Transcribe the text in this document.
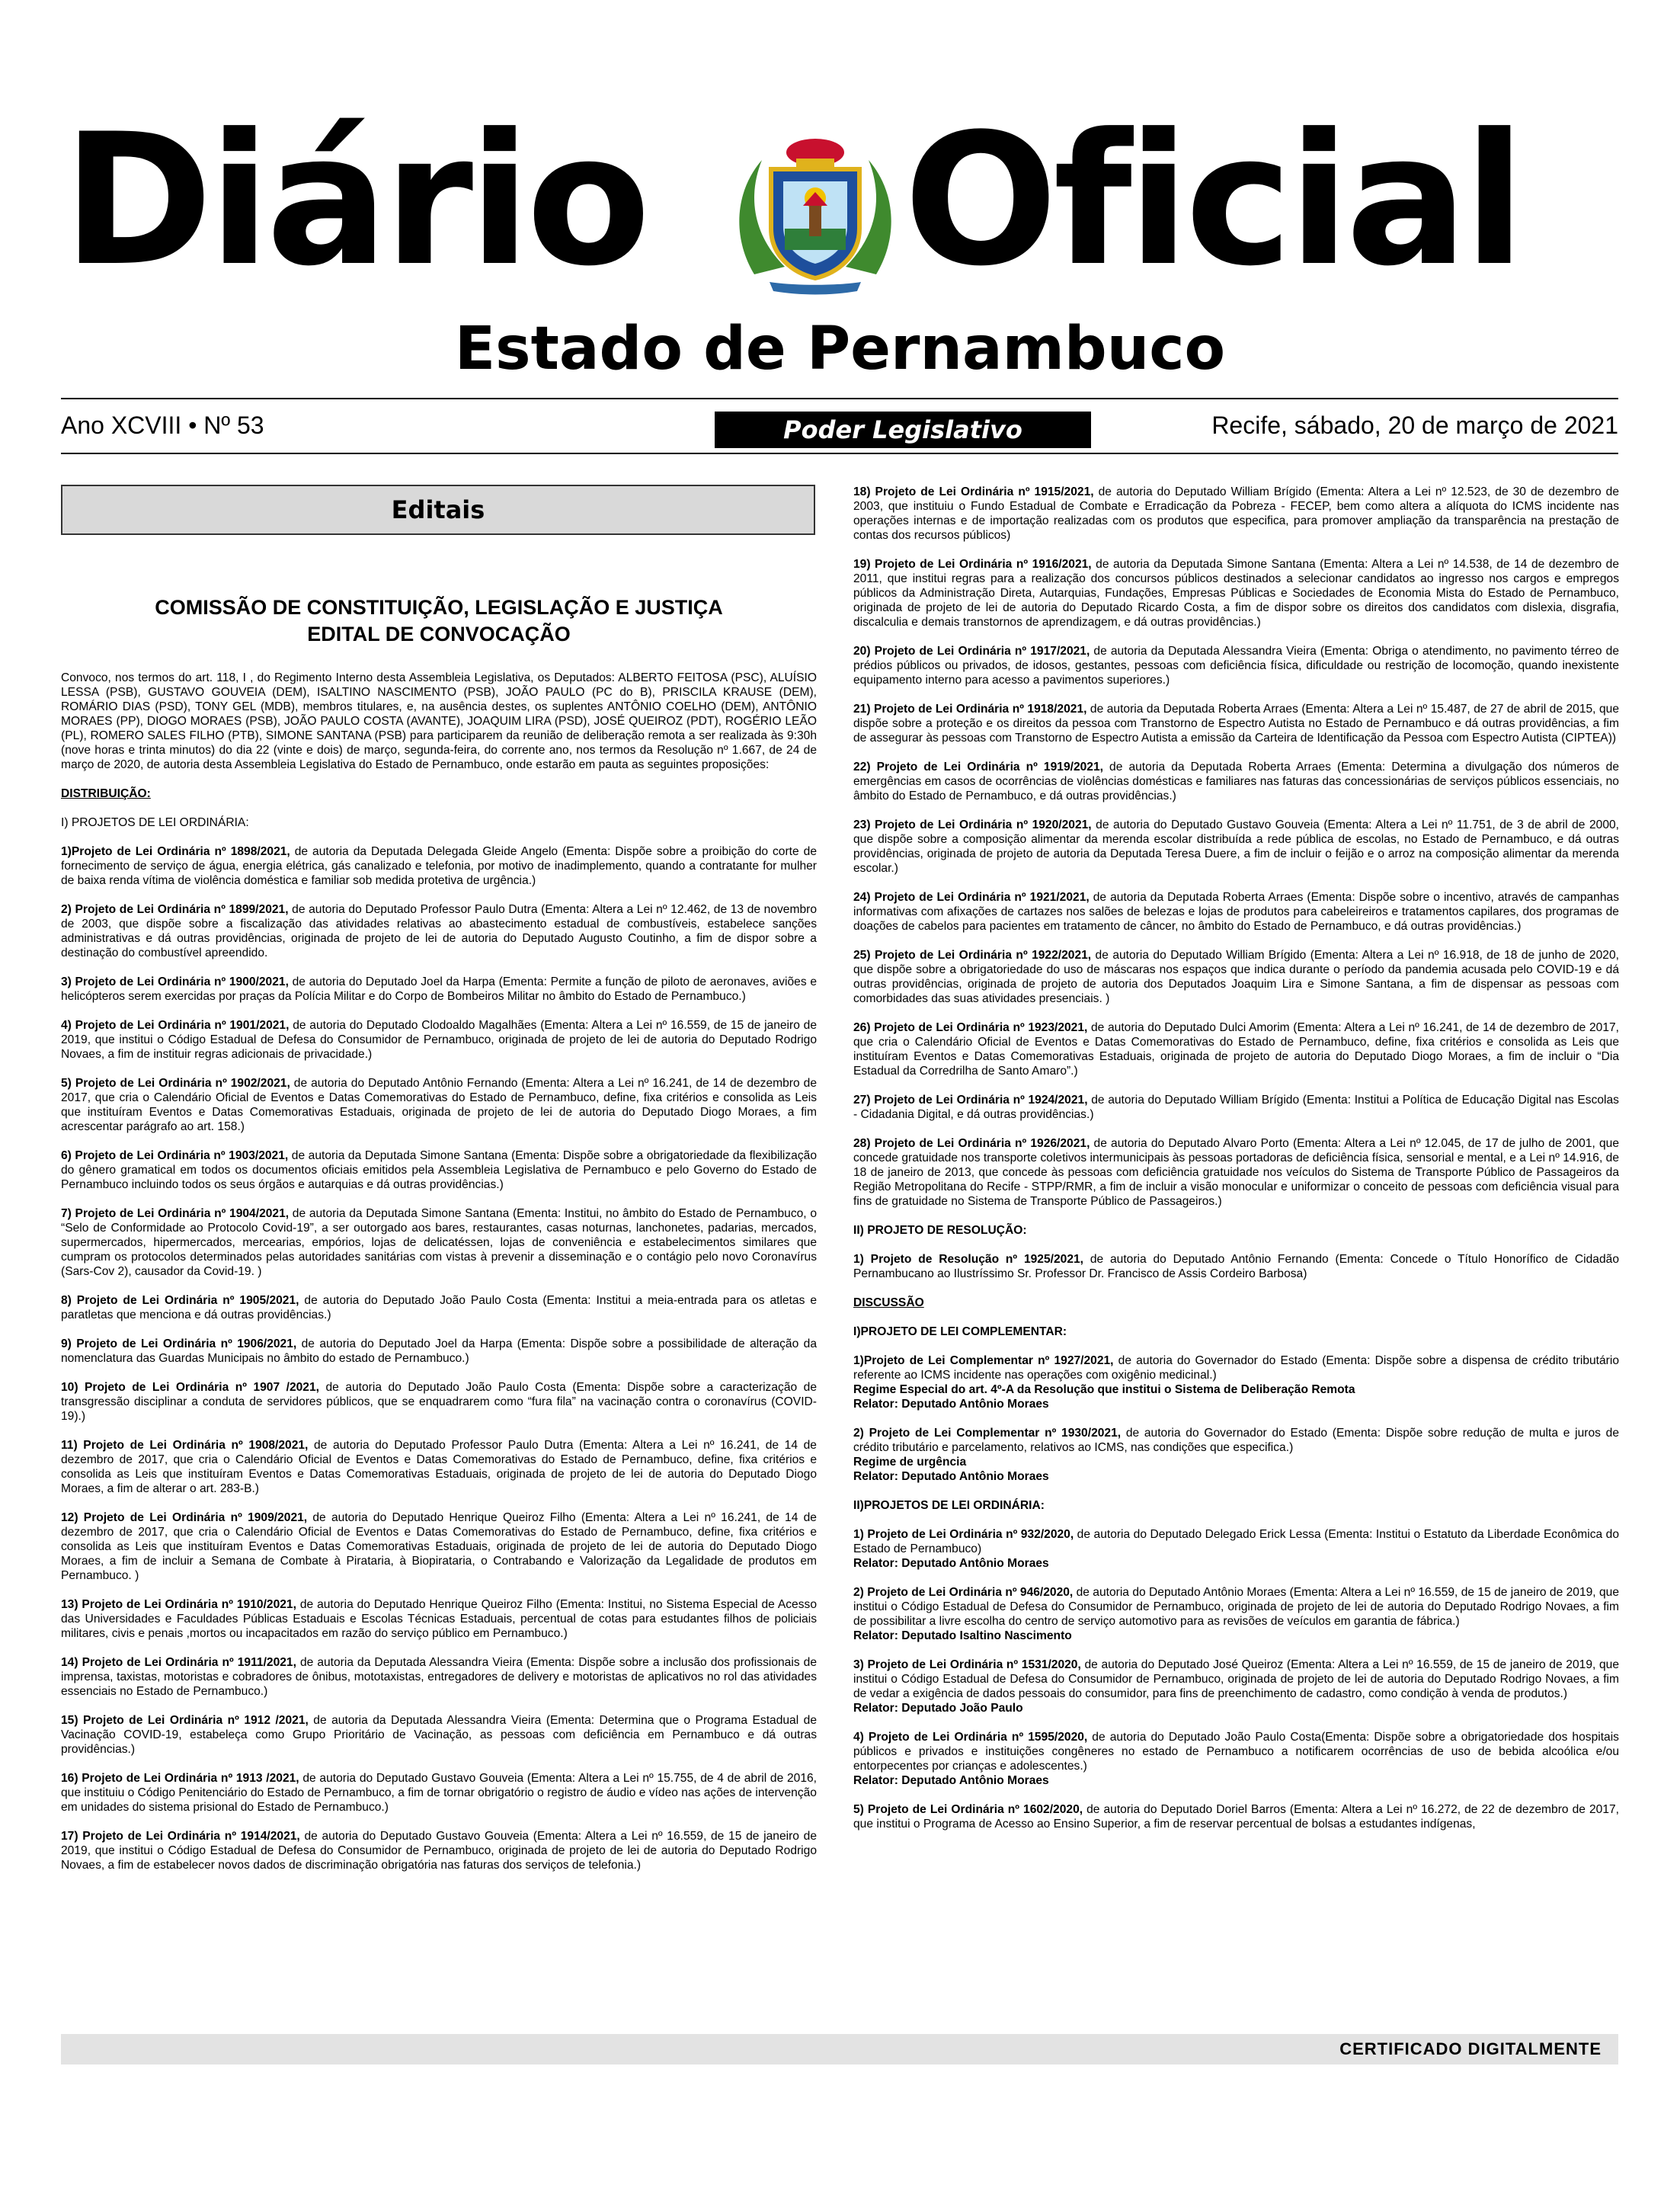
Diário Oficial
Estado de Pernambuco
Ano XCVIII • Nº 53	Poder Legislativo	Recife, sábado, 20 de março de 2021
Editais
COMISSÃO DE CONSTITUIÇÃO, LEGISLAÇÃO E JUSTIÇA
EDITAL DE CONVOCAÇÃO

Convoco, nos termos do art. 118, I , do Regimento Interno desta Assembleia Legislativa, os Deputados: ALBERTO FEITOSA (PSC), ALUÍSIO LESSA (PSB), GUSTAVO GOUVEIA (DEM), ISALTINO NASCIMENTO (PSB), JOÃO PAULO (PC do B), PRISCILA KRAUSE (DEM), ROMÁRIO DIAS (PSD), TONY GEL (MDB), membros titulares, e, na ausência destes, os suplentes ANTÔNIO COELHO (DEM), ANTÔNIO MORAES (PP), DIOGO MORAES (PSB), JOÃO PAULO COSTA (AVANTE), JOAQUIM LIRA (PSD), JOSÉ QUEIROZ (PDT), ROGÉRIO LEÃO (PL), ROMERO SALES FILHO (PTB), SIMONE SANTANA (PSB) para participarem da reunião de deliberação remota a ser realizada às 9:30h (nove horas e trinta minutos) do dia 22 (vinte e dois) de março, segunda-feira, do corrente ano, nos termos da Resolução nº 1.667, de 24 de março de 2020, de autoria desta Assembleia Legislativa do Estado de Pernambuco, onde estarão em pauta as seguintes proposições:

DISTRIBUIÇÃO:

I) PROJETOS DE LEI ORDINÁRIA:

1)Projeto de Lei Ordinária nº 1898/2021, de autoria da Deputada Delegada Gleide Angelo (Ementa: Dispõe sobre a proibição do corte de fornecimento de serviço de água, energia elétrica, gás canalizado e telefonia, por motivo de inadimplemento, quando a contratante for mulher de baixa renda vítima de violência doméstica e familiar sob medida protetiva de urgência.)

2) Projeto de Lei Ordinária nº 1899/2021, de autoria do Deputado Professor Paulo Dutra (Ementa: Altera a Lei nº 12.462, de 13 de novembro de 2003, que dispõe sobre a fiscalização das atividades relativas ao abastecimento estadual de combustíveis, estabelece sanções administrativas e dá outras providências, originada de projeto de lei de autoria do Deputado Augusto Coutinho, a fim de dispor sobre a destinação do combustível apreendido.

3) Projeto de Lei Ordinária nº 1900/2021, de autoria do Deputado Joel da Harpa (Ementa: Permite a função de piloto de aeronaves, aviões e helicópteros serem exercidas por praças da Polícia Militar e do Corpo de Bombeiros Militar no âmbito do Estado de Pernambuco.)

4) Projeto de Lei Ordinária nº 1901/2021, de autoria do Deputado Clodoaldo Magalhães (Ementa: Altera a Lei nº 16.559, de 15 de janeiro de 2019, que institui o Código Estadual de Defesa do Consumidor de Pernambuco, originada de projeto de lei de autoria do Deputado Rodrigo Novaes, a fim de instituir regras adicionais de privacidade.)

5) Projeto de Lei Ordinária nº 1902/2021, de autoria do Deputado Antônio Fernando (Ementa: Altera a Lei nº 16.241, de 14 de dezembro de 2017, que cria o Calendário Oficial de Eventos e Datas Comemorativas do Estado de Pernambuco, define, fixa critérios e consolida as Leis que instituíram Eventos e Datas Comemorativas Estaduais, originada de projeto de lei de autoria do Deputado Diogo Moraes, a fim acrescentar parágrafo ao art. 158.)

6) Projeto de Lei Ordinária nº 1903/2021, de autoria da Deputada Simone Santana (Ementa: Dispõe sobre a obrigatoriedade da flexibilização do gênero gramatical em todos os documentos oficiais emitidos pela Assembleia Legislativa de Pernambuco e pelo Governo do Estado de Pernambuco incluindo todos os seus órgãos e autarquias e dá outras providências.)

7) Projeto de Lei Ordinária nº 1904/2021, de autoria da Deputada Simone Santana (Ementa: Institui, no âmbito do Estado de Pernambuco, o “Selo de Conformidade ao Protocolo Covid-19”, a ser outorgado aos bares, restaurantes, casas noturnas, lanchonetes, padarias, mercados, supermercados, hipermercados, mercearias, empórios, lojas de delicatéssen, lojas de conveniência e estabelecimentos similares que cumpram os protocolos determinados pelas autoridades sanitárias com vistas à prevenir a disseminação e o contágio pelo novo Coronavírus (Sars-Cov 2), causador da Covid-19. )

8) Projeto de Lei Ordinária nº 1905/2021, de autoria do Deputado João Paulo Costa (Ementa: Institui a meia-entrada para os atletas e paratletas que menciona e dá outras providências.)

9) Projeto de Lei Ordinária nº 1906/2021, de autoria do Deputado Joel da Harpa (Ementa: Dispõe sobre a possibilidade de alteração da nomenclatura das Guardas Municipais no âmbito do estado de Pernambuco.)

10) Projeto de Lei Ordinária nº 1907 /2021, de autoria do Deputado João Paulo Costa (Ementa: Dispõe sobre a caracterização de transgressão disciplinar a conduta de servidores públicos, que se enquadrarem como “fura fila” na vacinação contra o coronavírus (COVID-19).)

11) Projeto de Lei Ordinária nº 1908/2021, de autoria do Deputado Professor Paulo Dutra (Ementa: Altera a Lei nº 16.241, de 14 de dezembro de 2017, que cria o Calendário Oficial de Eventos e Datas Comemorativas do Estado de Pernambuco, define, fixa critérios e consolida as Leis que instituíram Eventos e Datas Comemorativas Estaduais, originada de projeto de lei de autoria do Deputado Diogo Moraes, a fim de alterar o art. 283-B.)

12) Projeto de Lei Ordinária nº 1909/2021, de autoria do Deputado Henrique Queiroz Filho (Ementa: Altera a Lei nº 16.241, de 14 de dezembro de 2017, que cria o Calendário Oficial de Eventos e Datas Comemorativas do Estado de Pernambuco, define, fixa critérios e consolida as Leis que instituíram Eventos e Datas Comemorativas Estaduais, originada de projeto de lei de autoria do Deputado Diogo Moraes, a fim de incluir a Semana de Combate à Pirataria, à Biopirataria, o Contrabando e Valorização da Legalidade de produtos em Pernambuco. )

13) Projeto de Lei Ordinária nº 1910/2021, de autoria do Deputado Henrique Queiroz Filho (Ementa: Institui, no Sistema Especial de Acesso das Universidades e Faculdades Públicas Estaduais e Escolas Técnicas Estaduais, percentual de cotas para estudantes filhos de policiais militares, civis e penais ,mortos ou incapacitados em razão do serviço público em Pernambuco.)

14) Projeto de Lei Ordinária nº 1911/2021, de autoria da Deputada Alessandra Vieira (Ementa: Dispõe sobre a inclusão dos profissionais de imprensa, taxistas, motoristas e cobradores de ônibus, mototaxistas, entregadores de delivery e motoristas de aplicativos no rol das atividades essenciais no Estado de Pernambuco.)

15) Projeto de Lei Ordinária nº 1912 /2021, de autoria da Deputada Alessandra Vieira (Ementa: Determina que o Programa Estadual de Vacinação COVID-19, estabeleça como Grupo Prioritário de Vacinação, as pessoas com deficiência em Pernambuco e dá outras providências.)

16) Projeto de Lei Ordinária nº 1913 /2021, de autoria do Deputado Gustavo Gouveia (Ementa: Altera a Lei nº 15.755, de 4 de abril de 2016, que instituiu o Código Penitenciário do Estado de Pernambuco, a fim de tornar obrigatório o registro de áudio e vídeo nas ações de intervenção em unidades do sistema prisional do Estado de Pernambuco.)

17) Projeto de Lei Ordinária nº 1914/2021, de autoria do Deputado Gustavo Gouveia (Ementa: Altera a Lei nº 16.559, de 15 de janeiro de 2019, que institui o Código Estadual de Defesa do Consumidor de Pernambuco, originada de projeto de lei de autoria do Deputado Rodrigo Novaes, a fim de estabelecer novos dados de discriminação obrigatória nas faturas dos serviços de telefonia.)

18) Projeto de Lei Ordinária nº 1915/2021, de autoria do Deputado William Brígido (Ementa: Altera a Lei nº 12.523, de 30 de dezembro de 2003, que instituiu o Fundo Estadual de Combate e Erradicação da Pobreza - FECEP, bem como altera a alíquota do ICMS incidente nas operações internas e de importação realizadas com os produtos que especifica, para promover ampliação da transparência na prestação de contas dos recursos públicos)

19) Projeto de Lei Ordinária nº 1916/2021, de autoria da Deputada Simone Santana (Ementa: Altera a Lei nº 14.538, de 14 de dezembro de 2011, que institui regras para a realização dos concursos públicos destinados a selecionar candidatos ao ingresso nos cargos e empregos públicos da Administração Direta, Autarquias, Fundações, Empresas Públicas e Sociedades de Economia Mista do Estado de Pernambuco, originada de projeto de lei de autoria do Deputado Ricardo Costa, a fim de dispor sobre os direitos dos candidatos com dislexia, disgrafia, discalculia e demais transtornos de aprendizagem, e dá outras providências.)

20) Projeto de Lei Ordinária nº 1917/2021, de autoria da Deputada Alessandra Vieira (Ementa: Obriga o atendimento, no pavimento térreo de prédios públicos ou privados, de idosos, gestantes, pessoas com deficiência física, dificuldade ou restrição de locomoção, quando inexistente equipamento interno para acesso a pavimentos superiores.)

21) Projeto de Lei Ordinária nº 1918/2021, de autoria da Deputada Roberta Arraes (Ementa: Altera a Lei nº 15.487, de 27 de abril de 2015, que dispõe sobre a proteção e os direitos da pessoa com Transtorno de Espectro Autista no Estado de Pernambuco e dá outras providências, a fim de assegurar às pessoas com Transtorno de Espectro Autista a emissão da Carteira de Identificação da Pessoa com Espectro Autista (CIPTEA))

22) Projeto de Lei Ordinária nº 1919/2021, de autoria da Deputada Roberta Arraes (Ementa: Determina a divulgação dos números de emergências em casos de ocorrências de violências domésticas e familiares nas faturas das concessionárias de serviços públicos essenciais, no âmbito do Estado de Pernambuco, e dá outras providências.)

23) Projeto de Lei Ordinária nº 1920/2021, de autoria do Deputado Gustavo Gouveia (Ementa: Altera a Lei nº 11.751, de 3 de abril de 2000, que dispõe sobre a composição alimentar da merenda escolar distribuída a rede pública de escolas, no Estado de Pernambuco, e dá outras providências, originada de projeto de autoria da Deputada Teresa Duere, a fim de incluir o feijão e o arroz na composição alimentar da merenda escolar.)

24) Projeto de Lei Ordinária nº 1921/2021, de autoria da Deputada Roberta Arraes (Ementa: Dispõe sobre o incentivo, através de campanhas informativas com afixações de cartazes nos salões de belezas e lojas de produtos para cabeleireiros e tratamentos capilares, dos programas de doações de cabelos para pacientes em tratamento de câncer, no âmbito do Estado de Pernambuco, e dá outras providências.)

25) Projeto de Lei Ordinária nº 1922/2021, de autoria do Deputado William Brígido (Ementa: Altera a Lei nº 16.918, de 18 de junho de 2020, que dispõe sobre a obrigatoriedade do uso de máscaras nos espaços que indica durante o período da pandemia acusada pelo COVID-19 e dá outras providências, originada de projeto de autoria dos Deputados Joaquim Lira e Simone Santana, a fim de dispensar as pessoas com comorbidades das suas atividades presenciais. )

26) Projeto de Lei Ordinária nº 1923/2021, de autoria do Deputado Dulci Amorim (Ementa: Altera a Lei nº 16.241, de 14 de dezembro de 2017, que cria o Calendário Oficial de Eventos e Datas Comemorativas do Estado de Pernambuco, define, fixa critérios e consolida as Leis que instituíram Eventos e Datas Comemorativas Estaduais, originada de projeto de autoria do Deputado Diogo Moraes, a fim de incluir o “Dia Estadual da Corredrilha de Santo Amaro”.)

27) Projeto de Lei Ordinária nº 1924/2021, de autoria do Deputado William Brígido (Ementa: Institui a Política de Educação Digital nas Escolas - Cidadania Digital, e dá outras providências.)

28) Projeto de Lei Ordinária nº 1926/2021, de autoria do Deputado Alvaro Porto (Ementa: Altera a Lei nº 12.045, de 17 de julho de 2001, que concede gratuidade nos transporte coletivos intermunicipais às pessoas portadoras de deficiência física, sensorial e mental, e a Lei nº 14.916, de 18 de janeiro de 2013, que concede às pessoas com deficiência gratuidade nos veículos do Sistema de Transporte Público de Passageiros da Região Metropolitana do Recife - STPP/RMR, a fim de incluir a visão monocular e uniformizar o conceito de pessoas com deficiência visual para fins de gratuidade no Sistema de Transporte Público de Passageiros.)

II) PROJETO DE RESOLUÇÃO:

1) Projeto de Resolução nº 1925/2021, de autoria do Deputado Antônio Fernando (Ementa: Concede o Título Honorífico de Cidadão Pernambucano ao Ilustríssimo Sr. Professor Dr. Francisco de Assis Cordeiro Barbosa)

DISCUSSÃO

I)PROJETO DE LEI COMPLEMENTAR:

1)Projeto de Lei Complementar nº 1927/2021, de autoria do Governador do Estado (Ementa: Dispõe sobre a dispensa de crédito tributário referente ao ICMS incidente nas operações com oxigênio medicinal.)
Regime Especial do art. 4º-A da Resolução que institui o Sistema de Deliberação Remota
Relator: Deputado Antônio Moraes

2) Projeto de Lei Complementar nº 1930/2021, de autoria do Governador do Estado (Ementa: Dispõe sobre redução de multa e juros de crédito tributário e parcelamento, relativos ao ICMS, nas condições que especifica.)
Regime de urgência
Relator: Deputado Antônio Moraes

II)PROJETOS DE LEI ORDINÁRIA:

1) Projeto de Lei Ordinária nº 932/2020, de autoria do Deputado Delegado Erick Lessa (Ementa: Institui o Estatuto da Liberdade Econômica do Estado de Pernambuco)
Relator: Deputado Antônio Moraes

2) Projeto de Lei Ordinária nº 946/2020, de autoria do Deputado Antônio Moraes (Ementa: Altera a Lei nº 16.559, de 15 de janeiro de 2019, que institui o Código Estadual de Defesa do Consumidor de Pernambuco, originada de projeto de lei de autoria do Deputado Rodrigo Novaes, a fim de possibilitar a livre escolha do centro de serviço automotivo para as revisões de veículos em garantia de fábrica.)
Relator: Deputado Isaltino Nascimento

3) Projeto de Lei Ordinária nº 1531/2020, de autoria do Deputado José Queiroz (Ementa: Altera a Lei nº 16.559, de 15 de janeiro de 2019, que institui o Código Estadual de Defesa do Consumidor de Pernambuco, originada de projeto de lei de autoria do Deputado Rodrigo Novaes, a fim de vedar a exigência de dados pessoais do consumidor, para fins de preenchimento de cadastro, como condição à venda de produtos.)
Relator: Deputado João Paulo

4) Projeto de Lei Ordinária nº 1595/2020, de autoria do Deputado João Paulo Costa(Ementa: Dispõe sobre a obrigatoriedade dos hospitais públicos e privados e instituições congêneres no estado de Pernambuco a notificarem ocorrências de uso de bebida alcoólica e/ou entorpecentes por crianças e adolescentes.)
Relator: Deputado Antônio Moraes

5) Projeto de Lei Ordinária nº 1602/2020, de autoria do Deputado Doriel Barros (Ementa: Altera a Lei nº 16.272, de 22 de dezembro de 2017, que institui o Programa de Acesso ao Ensino Superior, a fim de reservar percentual de bolsas a estudantes indígenas,

CERTIFICADO DIGITALMENTE
